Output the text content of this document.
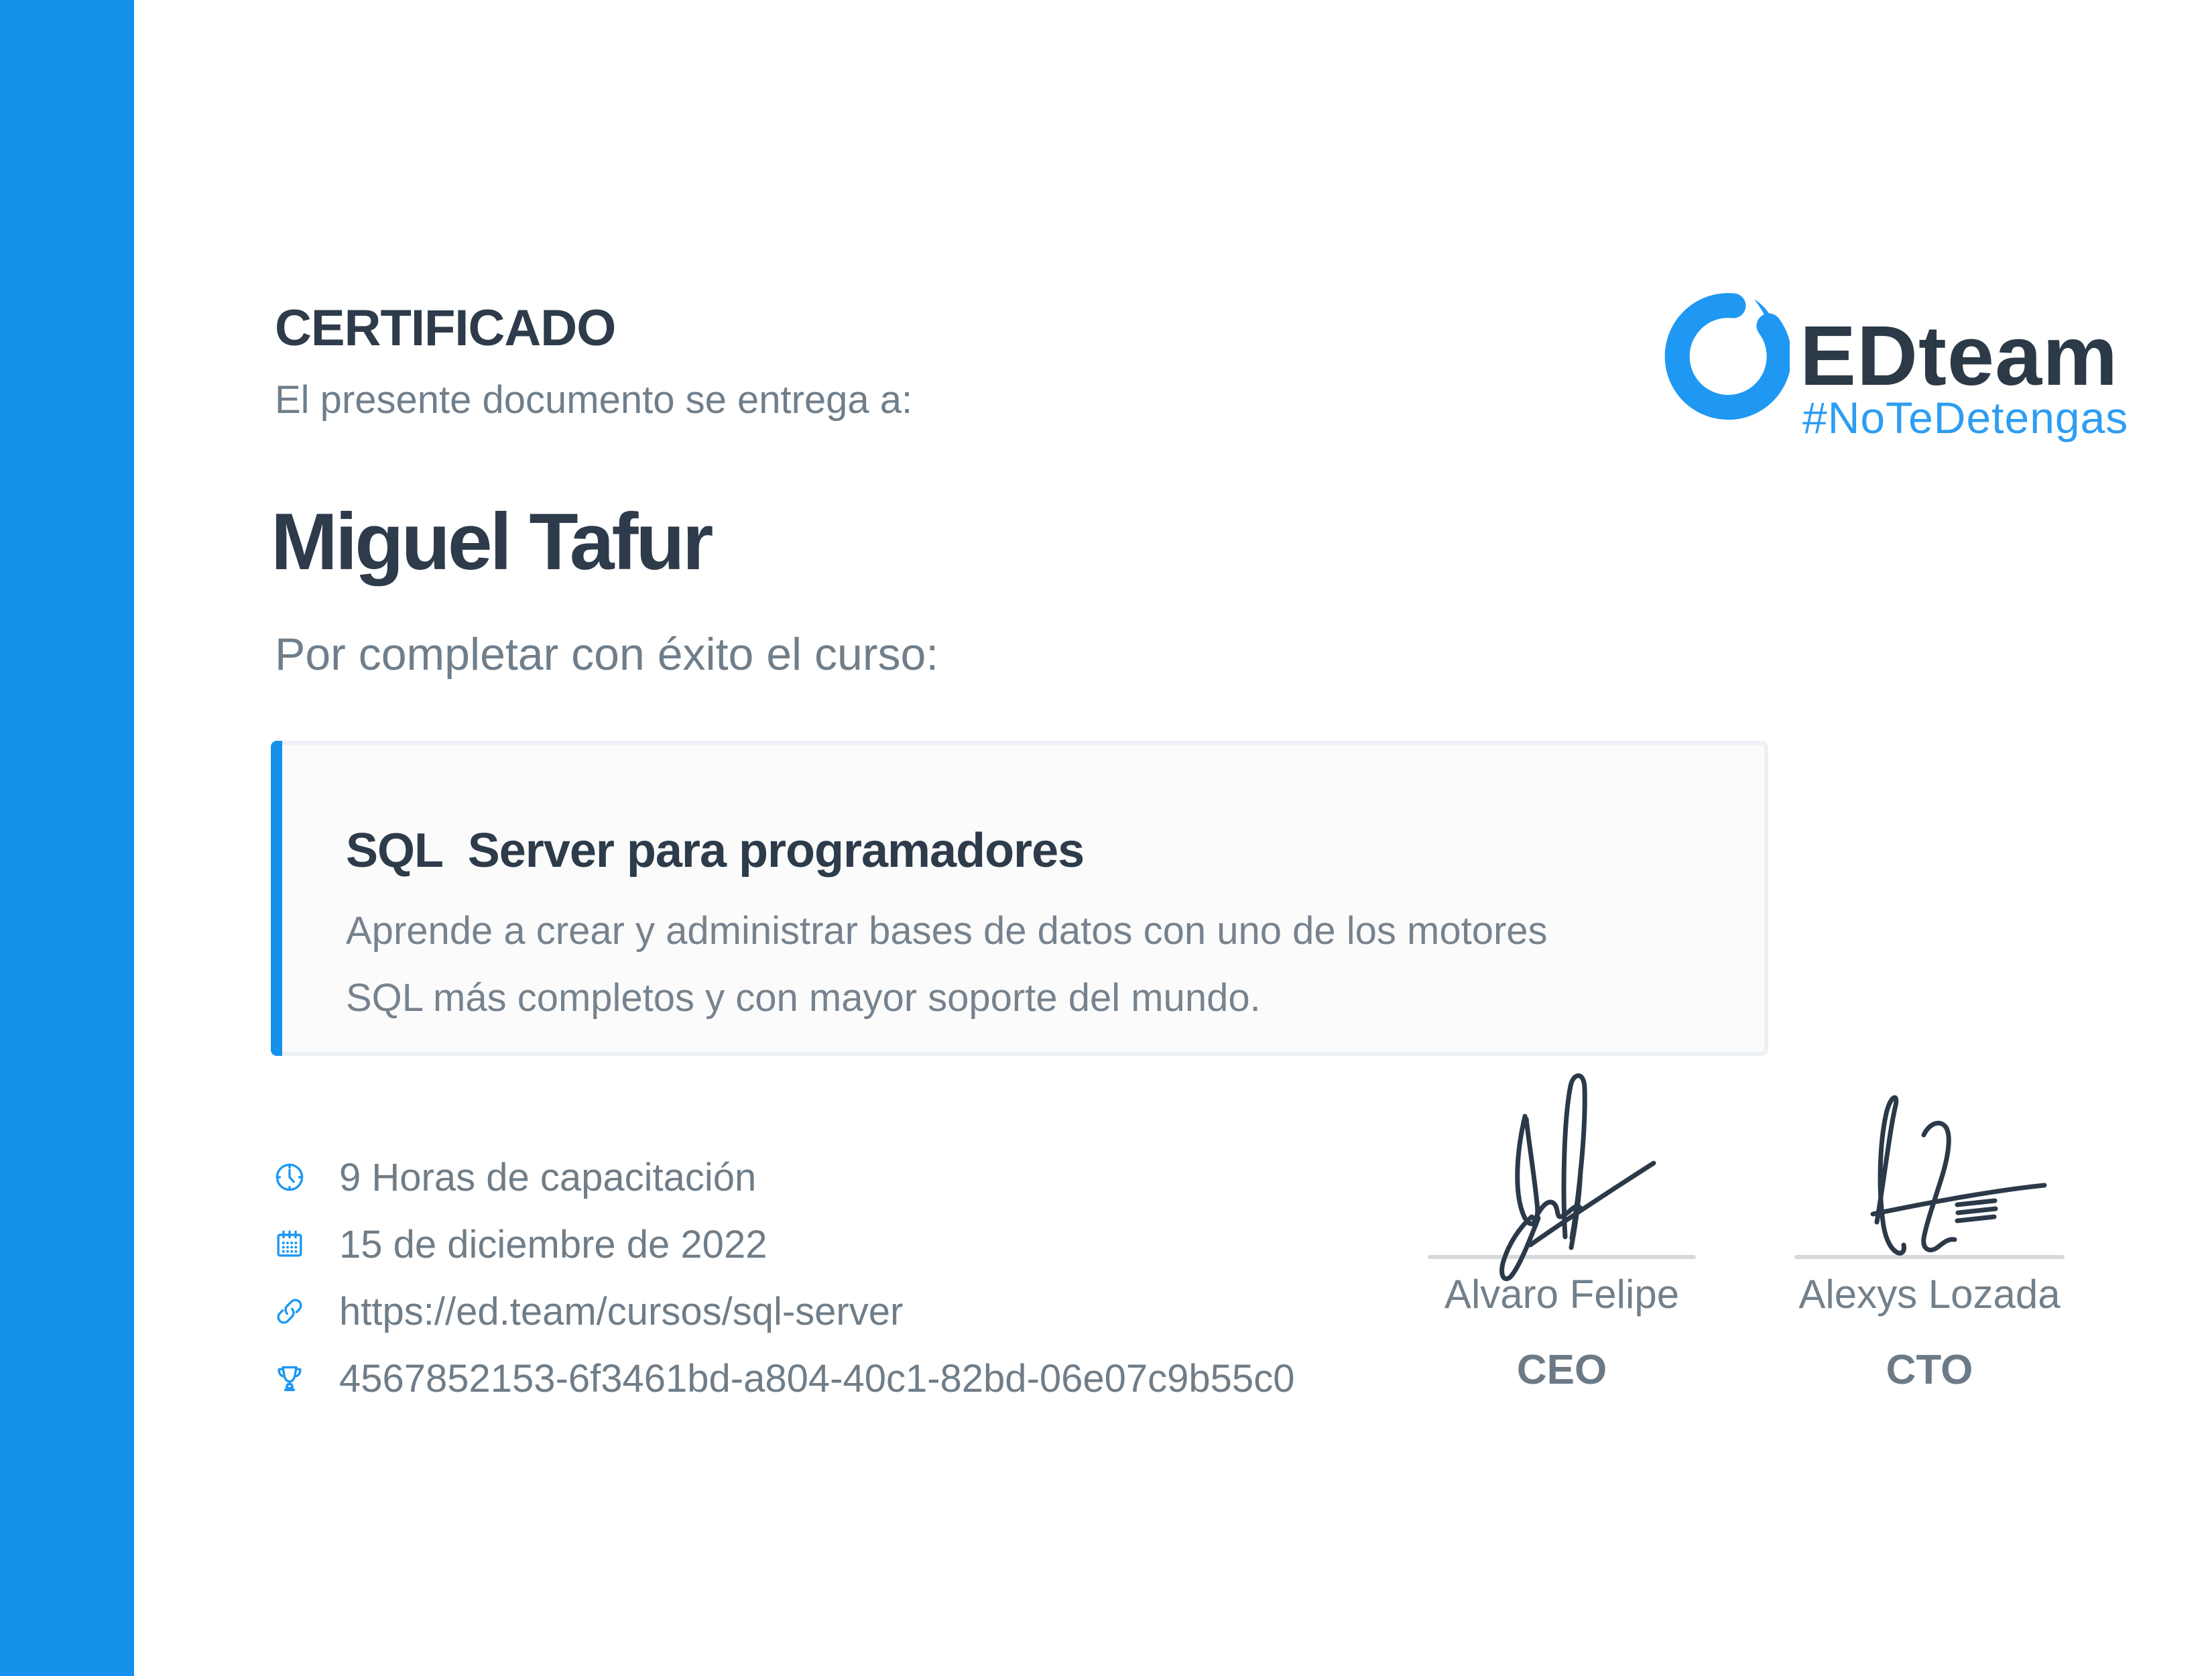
CERTIFICADO
El presente documento se entrega a:	EDteam
#NoTeDetengas
Miguel Tafur
Por completar con éxito el curso:
SQL  Server para programadores
Aprende a crear y administrar bases de datos con uno de los motores
SQL más completos y con mayor soporte del mundo.
9 Horas de capacitación
15 de diciembre de 2022
https://ed.team/cursos/sql-server
4567852153-6f3461bd-a804-40c1-82bd-06e07c9b55c0
Alvaro Felipe
CEO
Alexys Lozada
CTO
